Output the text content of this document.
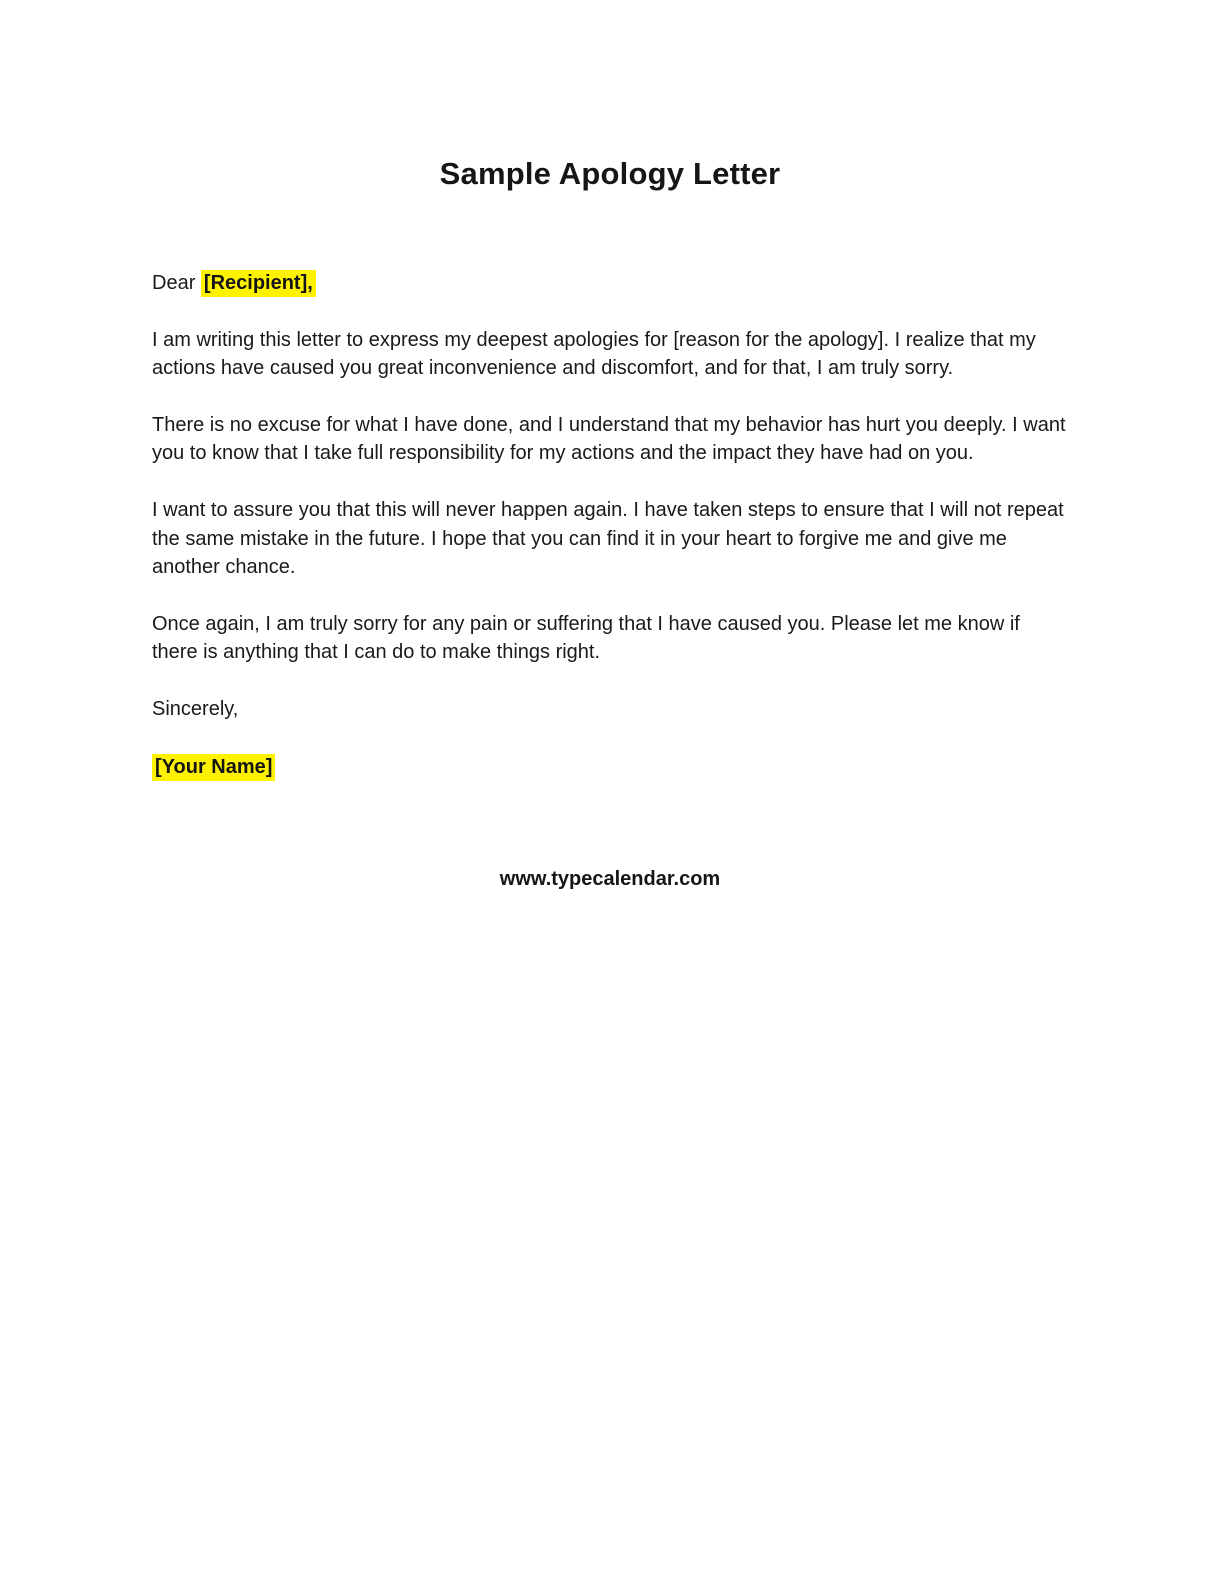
Sample Apology Letter

Dear [Recipient],

I am writing this letter to express my deepest apologies for [reason for the apology]. I realize that my actions have caused you great inconvenience and discomfort, and for that, I am truly sorry.

There is no excuse for what I have done, and I understand that my behavior has hurt you deeply. I want you to know that I take full responsibility for my actions and the impact they have had on you.

I want to assure you that this will never happen again. I have taken steps to ensure that I will not repeat the same mistake in the future. I hope that you can find it in your heart to forgive me and give me another chance.

Once again, I am truly sorry for any pain or suffering that I have caused you. Please let me know if there is anything that I can do to make things right.

Sincerely,

[Your Name]

www.typecalendar.com
